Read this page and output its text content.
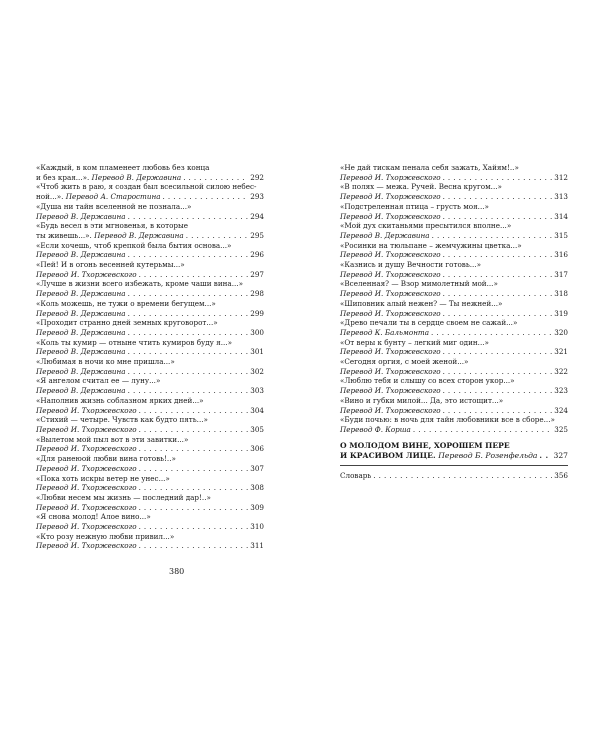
«Каждый, в ком пламенеет любовь без конца
и без края...».
Перевод В. Державина . . .	292
«Чтоб жить в раю, я создан был всесильной силою небес-
ной...».
Перевод А. Старостина . . .	293
«Душа ни тайн вселенной не познала...»
Перевод В. Державина . . .	294
«Будь весел в эти мгновенья, в которые
ты живешь...».
Перевод В. Державина . . .	295
«Если хочешь, чтоб крепкой была бытия основа...»
Перевод В. Державина . . .	296
«Пей! И в огонь весенней кутерьмы...»
Перевод И. Тхоржевского . . .	297
«Лучше в жизни всего избежать, кроме чаши вина...»
Перевод В. Державина . . .	298
«Коль можешь, не тужи о времени бегущем...»
Перевод В. Державина . . .	299
«Проходит странно дней земных круговорот...»
Перевод В. Державина . . .	300
«Коль ты кумир — отныне чтить кумиров буду я...»
Перевод В. Державина . . .	301
«Любимая в ночи ко мне пришла...»
Перевод В. Державина . . .	302
«Я ангелом считал ее — луну...»
Перевод В. Державина . . .	303
«Наполнив жизнь соблазном ярких дней...»
Перевод И. Тхоржевского . . .	304
«Стихий — четыре. Чувств как будто пять...»
Перевод И. Тхоржевского . . .	305
«Вылетом мой пыл вот в эти завитки...»
Перевод И. Тхоржевского . . .	306
«Для ранеюой любви вина готовь!..»
Перевод И. Тхоржевского . . .	307
«Пока хоть искры ветер не унес...»
Перевод И. Тхоржевского . . .	308
«Любви несем мы жизнь — последний дар!..»
Перевод И. Тхоржевского . . .	309
«Я снова молод! Алое вино...»
Перевод И. Тхоржевского . . .	310
«Кто розу нежную любви привил...»
Перевод И. Тхоржевского . . .	311
«Не дай тискам пенала себя зажать, Хайям!..»
Перевод И. Тхоржевского . . .	312
«В полях — межа. Ручей. Весна кругом...»
Перевод И. Тхоржевского . . .	313
«Подстреленная птица – грусть моя...»
Перевод И. Тхоржевского . . .	314
«Мой дух скитаньями пресытился вполне...»
Перевод В. Державина . . .	315
«Росинки на тюльпане – жемчужины цветка...»
Перевод И. Тхоржевского . . .	316
«Казнись и душу Вечности готовь...»
Перевод И. Тхоржевского . . .	317
«Вселенная? — Взор мимолетный мой...»
Перевод И. Тхоржевского . . .	318
«Шиповник алый нежен? — Ты нежней...»
Перевод И. Тхоржевского . . .	319
«Древо печали ты в сердце своем не сажай...»
Перевод К. Бальмонта . . .	320
«От веры к бунту – легкий миг один...»
Перевод И. Тхоржевского . . .	321
«Сегодня оргия, с моей женой...»
Перевод И. Тхоржевского . . .	322
«Люблю тебя и слышу со всех сторон укор...»
Перевод И. Тхоржевского . . .	323
«Вино и губки милой... Да, это истощит...»
Перевод И. Тхоржевского . . .	324
«Буди почью: в ночь для тайн любовники все в сборе...»
Перевод Ф. Корша . . .	325
О МОЛОДОМ ВИНЕ, ХОРОШЕМ ПЕРЕ
И КРАСИВОМ ЛИЦЕ.
Перевод Б. Розенфельда . . . 327
Словарь . . .	356
380
